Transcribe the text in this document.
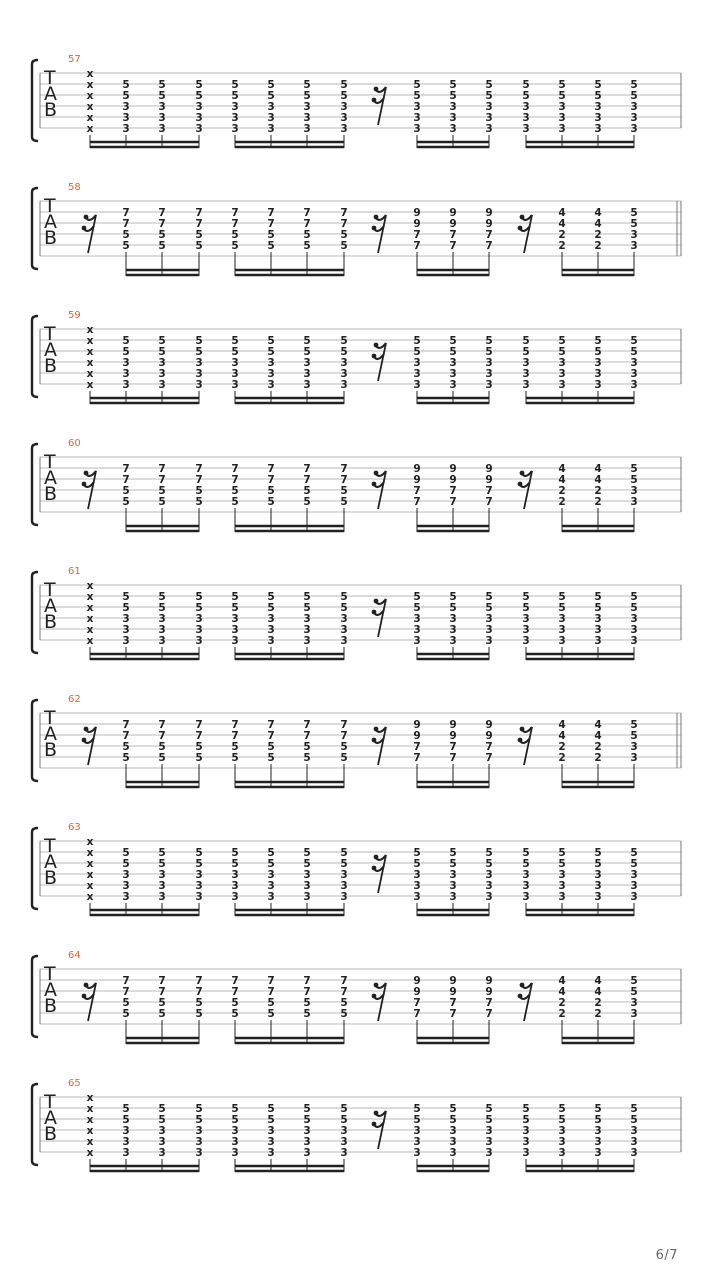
57
T
A
B
x
x
x
x
x
x
5
5
3
3
3
5
5
3
3
3
5
5
3
3
3
5
5
3
3
3
5
5
3
3
3
5
5
3
3
3
5
5
3
3
3
5
5
3
3
3
5
5
3
3
3
5
5
3
3
3
5
5
3
3
3
5
5
3
3
3
5
5
3
3
3
5
5
3
3
3
58
T
A
B
7
7
5
5
7
7
5
5
7
7
5
5
7
7
5
5
7
7
5
5
7
7
5
5
7
7
5
5
9
9
7
7
9
9
7
7
9
9
7
7
4
4
2
2
4
4
2
2
5
5
3
3
59
T
A
B
x
x
x
x
x
x
5
5
3
3
3
5
5
3
3
3
5
5
3
3
3
5
5
3
3
3
5
5
3
3
3
5
5
3
3
3
5
5
3
3
3
5
5
3
3
3
5
5
3
3
3
5
5
3
3
3
5
5
3
3
3
5
5
3
3
3
5
5
3
3
3
5
5
3
3
3
60
T
A
B
7
7
5
5
7
7
5
5
7
7
5
5
7
7
5
5
7
7
5
5
7
7
5
5
7
7
5
5
9
9
7
7
9
9
7
7
9
9
7
7
4
4
2
2
4
4
2
2
5
5
3
3
61
T
A
B
x
x
x
x
x
x
5
5
3
3
3
5
5
3
3
3
5
5
3
3
3
5
5
3
3
3
5
5
3
3
3
5
5
3
3
3
5
5
3
3
3
5
5
3
3
3
5
5
3
3
3
5
5
3
3
3
5
5
3
3
3
5
5
3
3
3
5
5
3
3
3
5
5
3
3
3
62
T
A
B
7
7
5
5
7
7
5
5
7
7
5
5
7
7
5
5
7
7
5
5
7
7
5
5
7
7
5
5
9
9
7
7
9
9
7
7
9
9
7
7
4
4
2
2
4
4
2
2
5
5
3
3
63
T
A
B
x
x
x
x
x
x
5
5
3
3
3
5
5
3
3
3
5
5
3
3
3
5
5
3
3
3
5
5
3
3
3
5
5
3
3
3
5
5
3
3
3
5
5
3
3
3
5
5
3
3
3
5
5
3
3
3
5
5
3
3
3
5
5
3
3
3
5
5
3
3
3
5
5
3
3
3
64
T
A
B
7
7
5
5
7
7
5
5
7
7
5
5
7
7
5
5
7
7
5
5
7
7
5
5
7
7
5
5
9
9
7
7
9
9
7
7
9
9
7
7
4
4
2
2
4
4
2
2
5
5
3
3
65
T
A
B
x
x
x
x
x
x
5
5
3
3
3
5
5
3
3
3
5
5
3
3
3
5
5
3
3
3
5
5
3
3
3
5
5
3
3
3
5
5
3
3
3
5
5
3
3
3
5
5
3
3
3
5
5
3
3
3
5
5
3
3
3
5
5
3
3
3
5
5
3
3
3
5
5
3
3
3
6/7
